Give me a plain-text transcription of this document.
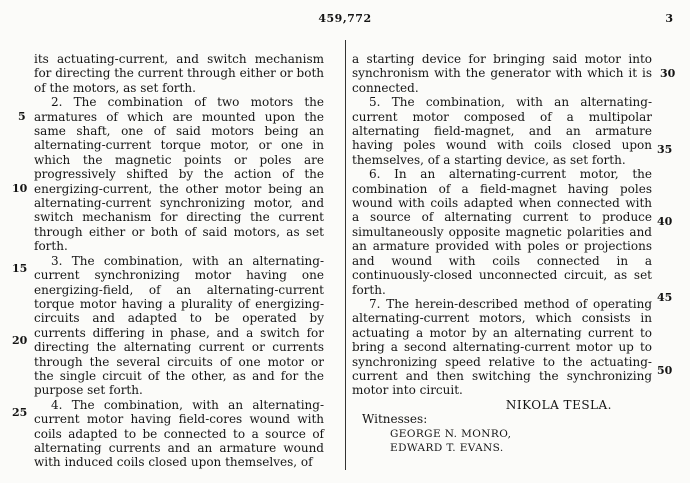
459,772	3
5
10
15
20
25
30
35
40
45
50

its actuating-current, and switch mechanism for directing the current through either or both of the motors, as set forth.

2. The combination of two motors the armatures of which are mounted upon the same shaft, one of said motors being an alternating-current torque motor, or one in which the magnetic points or poles are progressively shifted by the action of the energizing-current, the other motor being an alternating-current synchronizing motor, and switch mechanism for directing the current through either or both of said motors, as set forth.

3. The combination, with an alternating-current synchronizing motor having one energizing-field, of an alternating-current torque motor having a plurality of energizing-circuits and adapted to be operated by currents differing in phase, and a switch for directing the alternating current or currents through the several circuits of one motor or the single circuit of the other, as and for the purpose set forth.

4. The combination, with an alternating-current motor having field-cores wound with coils adapted to be connected to a source of alternating currents and an armature wound with induced coils closed upon themselves, of

a starting device for bringing said motor into synchronism with the generator with which it is connected.

5. The combination, with an alternating-current motor composed of a multipolar alternating field-magnet, and an armature having poles wound with coils closed upon themselves, of a starting device, as set forth.

6. In an alternating-current motor, the combination of a field-magnet having poles wound with coils adapted when connected with a source of alternating current to produce simultaneously opposite magnetic polarities and an armature provided with poles or projections and wound with coils connected in a continuously-closed unconnected circuit, as set forth.

7. The herein-described method of operating alternating-current motors, which consists in actuating a motor by an alternating current to bring a second alternating-current motor up to synchronizing speed relative to the actuating-current and then switching the synchronizing motor into circuit.

NIKOLA TESLA.
Witnesses:
GEORGE N. MONRO,
EDWARD T. EVANS.
